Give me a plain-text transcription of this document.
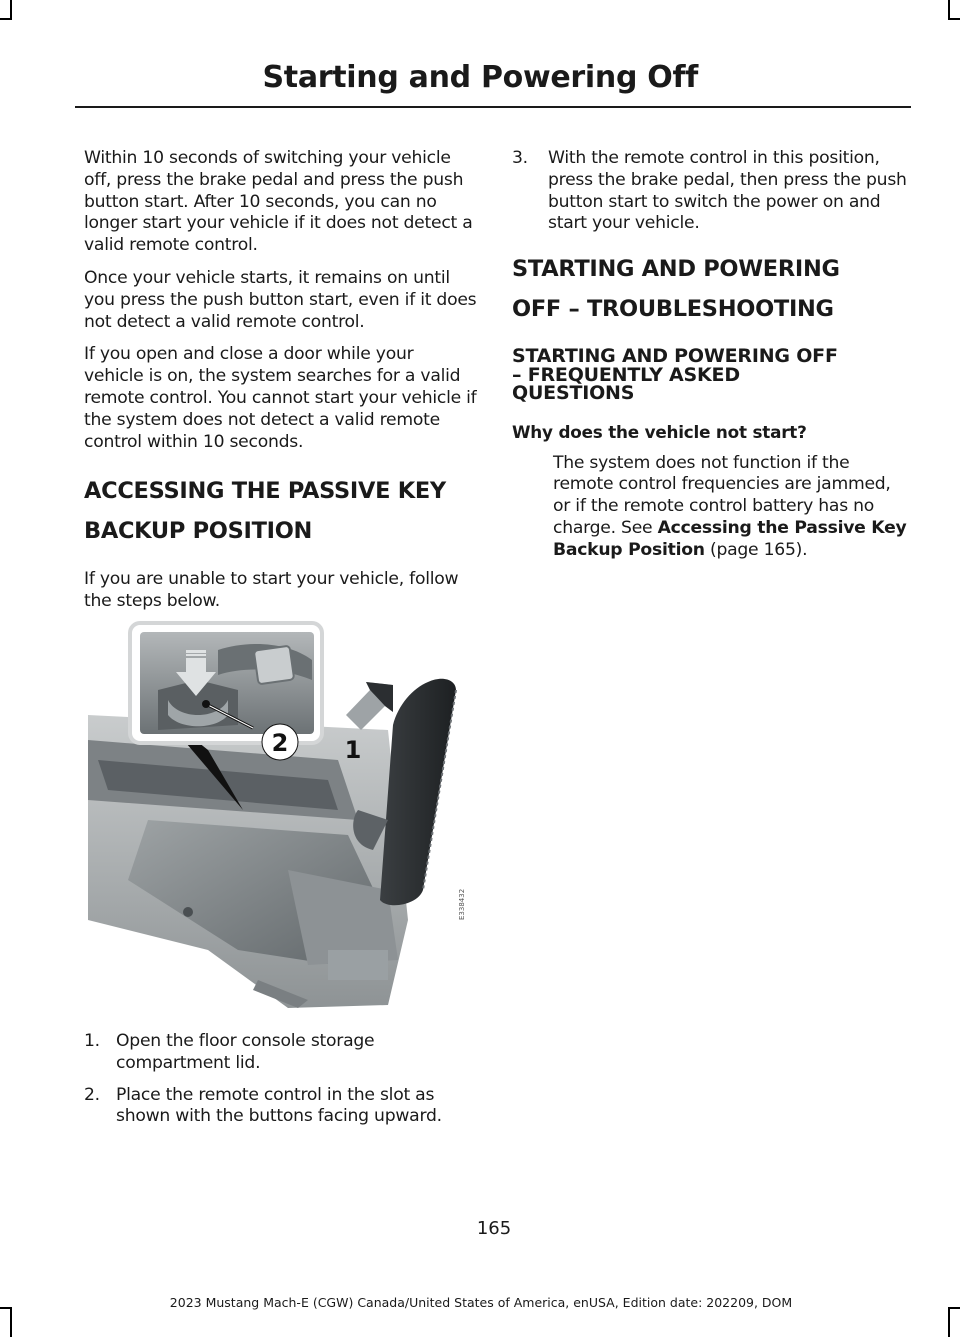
Starting and Powering Off

Within 10 seconds of switching your vehicle off, press the brake pedal and press the push button start. After 10 seconds, you can no longer start your vehicle if it does not detect a valid remote control.

Once your vehicle starts, it remains on until you press the push button start, even if it does not detect a valid remote control.

If you open and close a door while your vehicle is on, the system searches for a valid remote control. You cannot start your vehicle if the system does not detect a valid remote control within 10 seconds.

ACCESSING THE PASSIVE KEY
BACKUP POSITION

If you are unable to start your vehicle, follow the steps below.

2 1
E338432
1. Open the floor console storage compartment lid.
2. Place the remote control in the slot as shown with the buttons facing upward.
3.	With the remote control in this position, press the brake pedal, then press the push button start to switch the power on and start your vehicle.
STARTING AND POWERING
OFF – TROUBLESHOOTING
STARTING AND POWERING OFF
– FREQUENTLY ASKED
QUESTIONS

Why does the vehicle not start?

The system does not function if the remote control frequencies are jammed, or if the remote control battery has no charge. See Accessing the Passive Key Backup Position (page 165).

165
2023 Mustang Mach-E (CGW) Canada/United States of America, enUSA, Edition date: 202209, DOM
